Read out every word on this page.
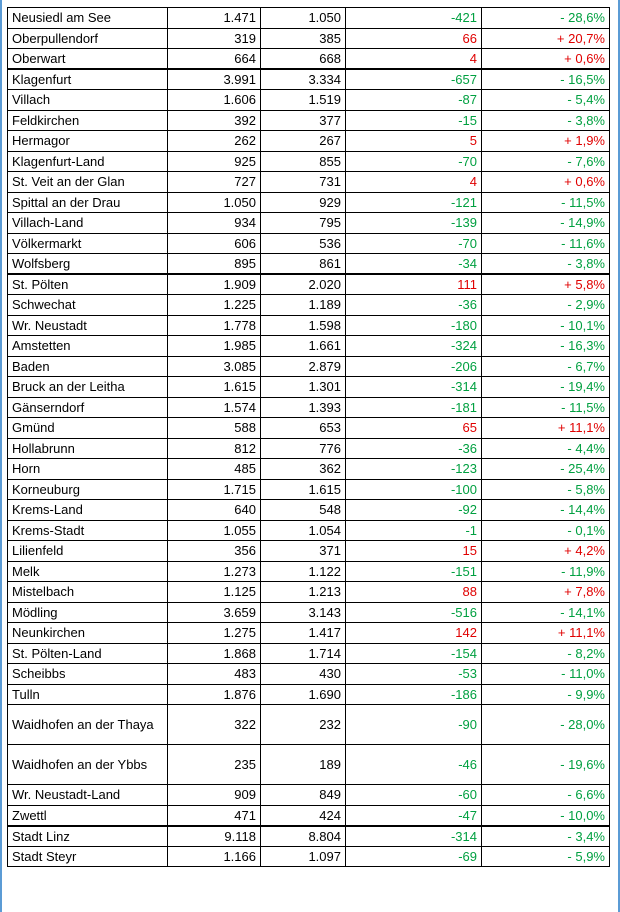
Neusiedl am See	1.471	1.050	-421	- 28,6%
Oberpullendorf	319	385	66	+ 20,7%
Oberwart	664	668	4	+ 0,6%
Klagenfurt	3.991	3.334	-657	- 16,5%
Villach	1.606	1.519	-87	- 5,4%
Feldkirchen	392	377	-15	- 3,8%
Hermagor	262	267	5	+ 1,9%
Klagenfurt-Land	925	855	-70	- 7,6%
St. Veit an der Glan	727	731	4	+ 0,6%
Spittal an der Drau	1.050	929	-121	- 11,5%
Villach-Land	934	795	-139	- 14,9%
Völkermarkt	606	536	-70	- 11,6%
Wolfsberg	895	861	-34	- 3,8%
St. Pölten	1.909	2.020	111	+ 5,8%
Schwechat	1.225	1.189	-36	- 2,9%
Wr. Neustadt	1.778	1.598	-180	- 10,1%
Amstetten	1.985	1.661	-324	- 16,3%
Baden	3.085	2.879	-206	- 6,7%
Bruck an der Leitha	1.615	1.301	-314	- 19,4%
Gänserndorf	1.574	1.393	-181	- 11,5%
Gmünd	588	653	65	+ 11,1%
Hollabrunn	812	776	-36	- 4,4%
Horn	485	362	-123	- 25,4%
Korneuburg	1.715	1.615	-100	- 5,8%
Krems-Land	640	548	-92	- 14,4%
Krems-Stadt	1.055	1.054	-1	- 0,1%
Lilienfeld	356	371	15	+ 4,2%
Melk	1.273	1.122	-151	- 11,9%
Mistelbach	1.125	1.213	88	+ 7,8%
Mödling	3.659	3.143	-516	- 14,1%
Neunkirchen	1.275	1.417	142	+ 11,1%
St. Pölten-Land	1.868	1.714	-154	- 8,2%
Scheibbs	483	430	-53	- 11,0%
Tulln	1.876	1.690	-186	- 9,9%
Waidhofen an der Thaya	322	232	-90	- 28,0%
Waidhofen an der Ybbs	235	189	-46	- 19,6%
Wr. Neustadt-Land	909	849	-60	- 6,6%
Zwettl	471	424	-47	- 10,0%
Stadt Linz	9.118	8.804	-314	- 3,4%
Stadt Steyr	1.166	1.097	-69	- 5,9%
